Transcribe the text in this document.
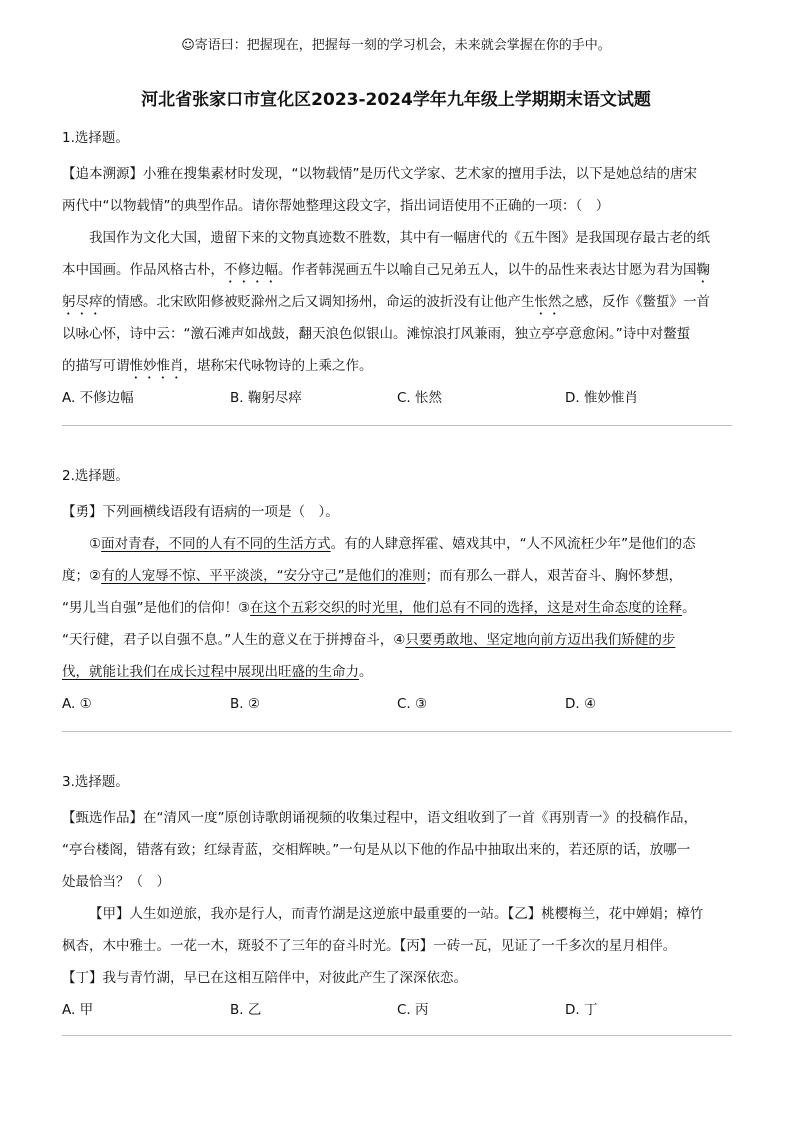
☺寄语曰：把握现在，把握每一刻的学习机会，未来就会掌握在你的手中。
河北省张家口市宣化区2023-2024学年九年级上学期期末语文试题
1.选择题。
【追本溯源】小雅在搜集素材时发现，“以物载情”是历代文学家、艺术家的擅用手法，以下是她总结的唐宋
两代中“以物载情”的典型作品。请你帮她整理这段文字，指出词语使用不正确的一项：（　）
我国作为文化大国，遗留下来的文物真迹数不胜数，其中有一幅唐代的《五牛图》是我国现存最古老的纸
本中国画。作品风格古朴，不修边幅。作者韩滉画五牛以喻自己兄弟五人，以牛的品性来表达甘愿为君为国鞠
躬尽瘁的情感。北宋欧阳修被贬滁州之后又调知扬州，命运的波折没有让他产生怅然之感，反作《鳖蜇》一首
以咏心怀，诗中云：“激石滩声如战鼓，翻天浪色似银山。滩惊浪打风兼雨，独立亭亭意愈闲。”诗中对鳖蜇
的描写可谓惟妙惟肖，堪称宋代咏物诗的上乘之作。
A. 不修边幅	B. 鞠躬尽瘁	C. 怅然	D. 惟妙惟肖
2.选择题。
【勇】下列画横线语段有语病的一项是（　）。
①面对青春，不同的人有不同的生活方式。有的人肆意挥霍、嬉戏其中，“人不风流枉少年”是他们的态
度；②有的人宠辱不惊、平平淡淡，“安分守己”是他们的准则；而有那么一群人，艰苦奋斗、胸怀梦想，
“男儿当自强”是他们的信仰！③在这个五彩交织的时光里，他们总有不同的选择，这是对生命态度的诠释。
“天行健，君子以自强不息。”人生的意义在于拼搏奋斗，④只要勇敢地、坚定地向前方迈出我们矫健的步
伐，就能让我们在成长过程中展现出旺盛的生命力。
A. ①	B. ②	C. ③	D. ④
3.选择题。
【甄选作品】在“清风一度”原创诗歌朗诵视频的收集过程中，语文组收到了一首《再别青一》的投稿作品，
“亭台楼阁，错落有致；红绿青蓝，交相辉映。”一句是从以下他的作品中抽取出来的，若还原的话，放哪一
处最恰当？（　）
【甲】人生如逆旅，我亦是行人，而青竹湖是这逆旅中最重要的一站。【乙】桃樱梅兰，花中婵娟；樟竹
枫杏，木中雅士。一花一木，斑驳不了三年的奋斗时光。【丙】一砖一瓦，见证了一千多次的星月相伴。
【丁】我与青竹湖，早已在这相互陪伴中，对彼此产生了深深依恋。
A. 甲	B. 乙	C. 丙	D. 丁
